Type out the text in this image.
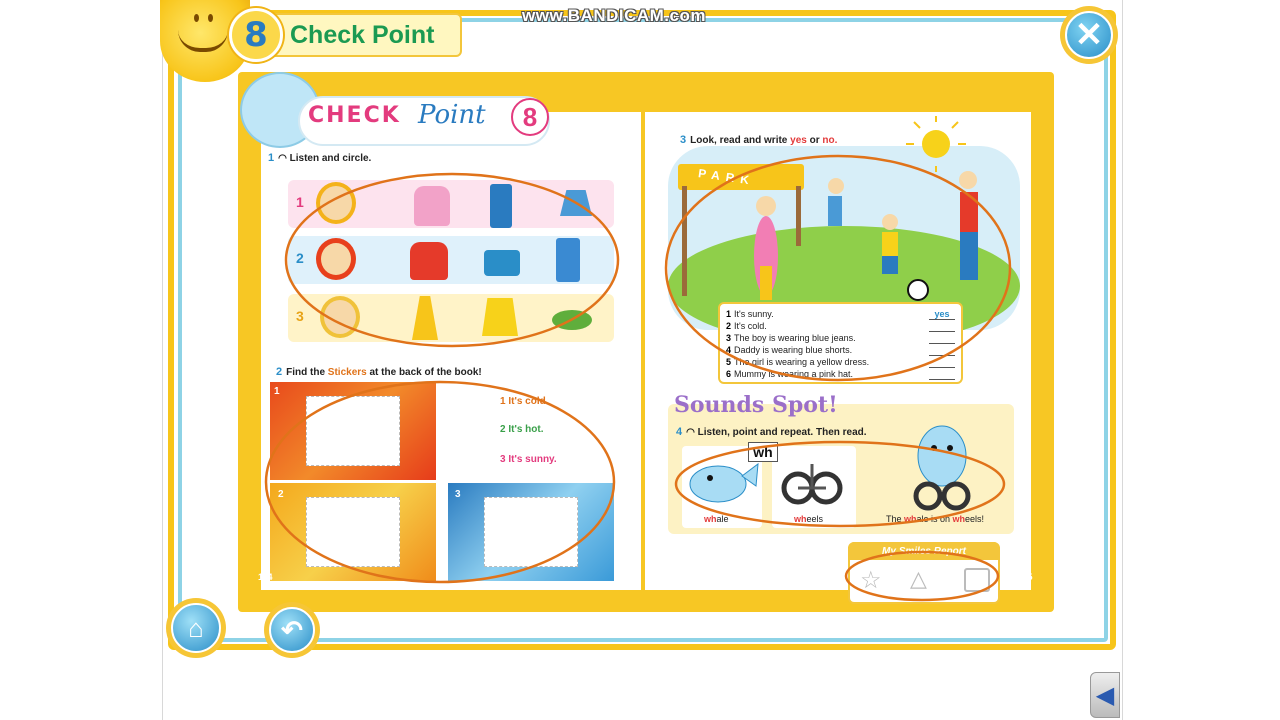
Check Point
8	www.BANDICAM.com
✕
CHECK Point	8
1 ◠ Listen and circle.
1
2
3
2 Find the Stickers at the back of the book!
1
2	3
1 It's cold.
2 It's hot.
3 It's sunny.
114
3 Look, read and write yes or no.
PARK
1 It's sunny.	yes
2 It's cold.
3 The boy is wearing blue jeans.
4 Daddy is wearing blue shorts.
5 The girl is wearing a yellow dress.
6 Mummy is wearing a pink hat.
Sounds Spot!
4 ◠ Listen, point and repeat. Then read.
wh
whale	wheels	The whale is on wheels!
My Smiles Report
☆ △	115
⌂	↶
◀
